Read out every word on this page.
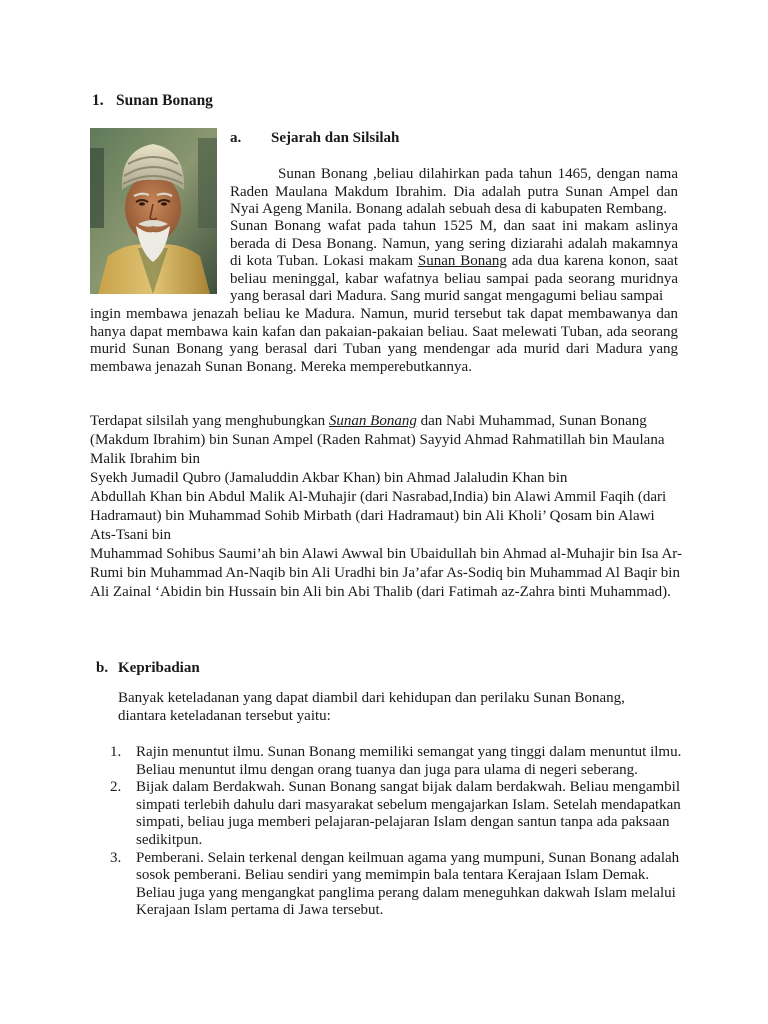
1. Sunan Bonang
a. Sejarah dan Silsilah
Sunan Bonang ,beliau dilahirkan pada tahun 1465, dengan nama Raden Maulana Makdum Ibrahim. Dia adalah putra Sunan Ampel dan Nyai Ageng Manila. Bonang adalah sebuah desa di kabupaten Rembang.
Sunan Bonang wafat pada tahun 1525 M, dan saat ini makam aslinya berada di Desa Bonang. Namun, yang sering diziarahi adalah makamnya di kota Tuban. Lokasi makam Sunan Bonang ada dua karena konon, saat beliau meninggal, kabar wafatnya beliau sampai pada seorang muridnya yang berasal dari Madura. Sang murid sangat mengagumi beliau sampai
ingin membawa jenazah beliau ke Madura. Namun, murid tersebut tak dapat membawanya dan hanya dapat membawa kain kafan dan pakaian-pakaian beliau. Saat melewati Tuban, ada seorang murid Sunan Bonang yang berasal dari Tuban yang mendengar ada murid dari Madura yang membawa jenazah Sunan Bonang. Mereka memperebutkannya.
Terdapat silsilah yang menghubungkan Sunan Bonang dan Nabi Muhammad, Sunan Bonang (Makdum Ibrahim) bin Sunan Ampel (Raden Rahmat) Sayyid Ahmad Rahmatillah bin Maulana Malik Ibrahim bin
Syekh Jumadil Qubro (Jamaluddin Akbar Khan) bin Ahmad Jalaludin Khan bin
Abdullah Khan bin Abdul Malik Al-Muhajir (dari Nasrabad,India) bin Alawi Ammil Faqih (dari Hadramaut) bin Muhammad Sohib Mirbath (dari Hadramaut) bin Ali Kholi’ Qosam bin Alawi Ats-Tsani bin
Muhammad Sohibus Saumi’ah bin Alawi Awwal bin Ubaidullah bin Ahmad al-Muhajir bin Isa Ar-Rumi bin Muhammad An-Naqib bin Ali Uradhi bin Ja’afar As-Sodiq bin Muhammad Al Baqir bin Ali Zainal ‘Abidin bin Hussain bin Ali bin Abi Thalib (dari Fatimah az-Zahra binti Muhammad).
b. Kepribadian
Banyak keteladanan yang dapat diambil dari kehidupan dan perilaku Sunan Bonang, diantara keteladanan tersebut yaitu:
1. Rajin menuntut ilmu. Sunan Bonang memiliki semangat yang tinggi dalam menuntut ilmu. Beliau menuntut ilmu dengan orang tuanya dan juga para ulama di negeri seberang.
2. Bijak dalam Berdakwah. Sunan Bonang sangat bijak dalam berdakwah. Beliau mengambil simpati terlebih dahulu dari masyarakat sebelum mengajarkan Islam. Setelah mendapatkan simpati, beliau juga memberi pelajaran-pelajaran Islam dengan santun tanpa ada paksaan sedikitpun.
3. Pemberani. Selain terkenal dengan keilmuan agama yang mumpuni, Sunan Bonang adalah sosok pemberani. Beliau sendiri yang memimpin bala tentara Kerajaan Islam Demak. Beliau juga yang mengangkat panglima perang dalam meneguhkan dakwah Islam melalui Kerajaan Islam pertama di Jawa tersebut.
